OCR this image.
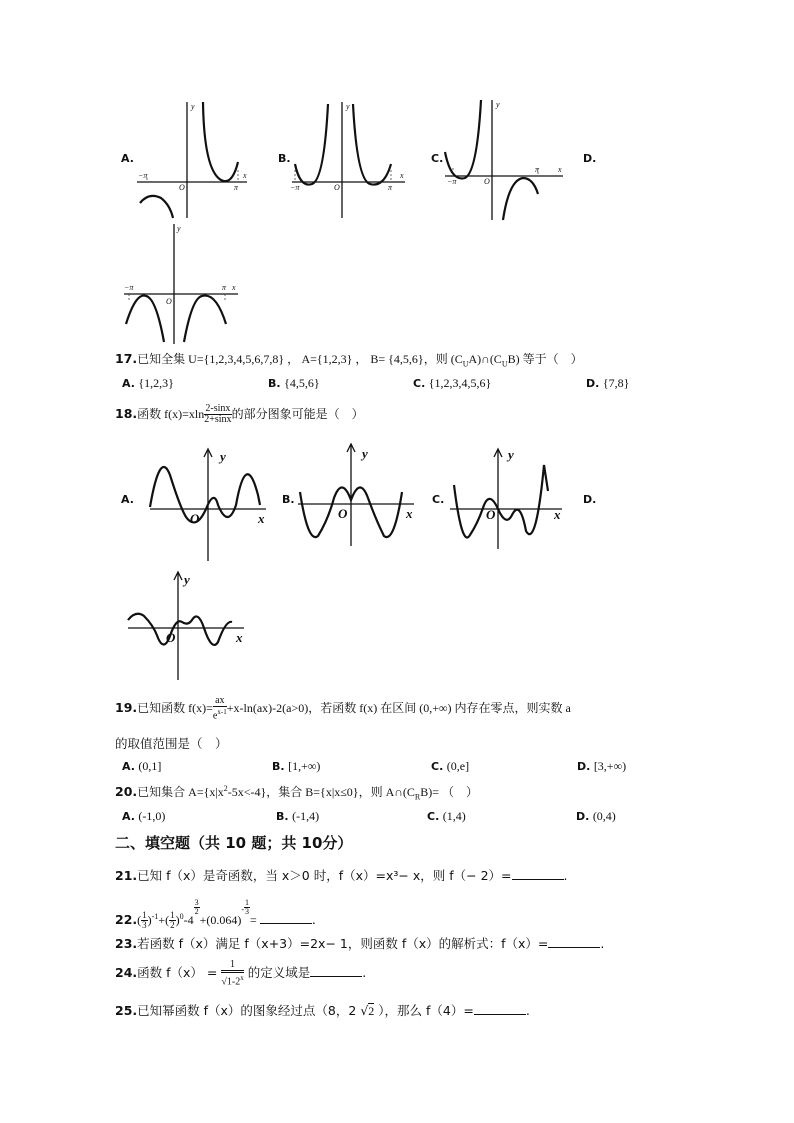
A.
y
x
O
−π
π
B.
y
x
O
−π	π
C.
y
x
O
−π
π
D.
y
x
O
−π	π
17.已知全集 U={1,2,3,4,5,6,7,8} ， A={1,2,3} ， B= {4,5,6}，则 $(C_UA)\cap(C_UB)$ 等于（　）
A. {1,2,3}	B. {4,5,6}	C. {1,2,3,4,5,6}	D. {7,8}
18.函数 $f(x)=xln \frac{2-\sin x}{2+\sin x}$ 的部分图象可能是（　）
A.
y
x
O
B.
y
x
O
C.
y
x
O
D.
y
x
O
19.已知函数 $f(x)= \frac{ax}{e^{x-1}} +x-\ln(ax)-2(a>0)$，若函数 f(x) 在区间 (0,+∞) 内存在零点，则实数 a
的取值范围是（　）
A. (0,1]	B. [1,+∞)	C. (0,e]	D. [3,+∞)
20.已知集合 $A=\{x|x^2-5x<-4\}$，集合 B={x|x≤0}，则 $A\cap(C_RB)=$ （　）
A. (-1,0)	B. (-1,4)	C. (1,4)	D. (0,4)
二、填空题（共 10 题；共 10分）
21.已知 f（x）是奇函数，当 x＞0 时，f（x）=x³− x，则 f（− 2）=	.
$22.( \frac{1}{3} )^{-1}+( \frac{1}{2} )^0-4$
$\frac{3}{2}$
$+(0.064)^- \frac{1}{3}$
=	.
23.若函数 f（x）满足 f（x+3）=2x− 1，则函数 f（x）的解析式：f（x）=	.
24.函数 $f(x) = \frac{1}{√1-2^x}$ 的定义域是	.
25.已知幂函数 f（x）的图象经过点（8，2 √2 ），那么 f（4）=	.
